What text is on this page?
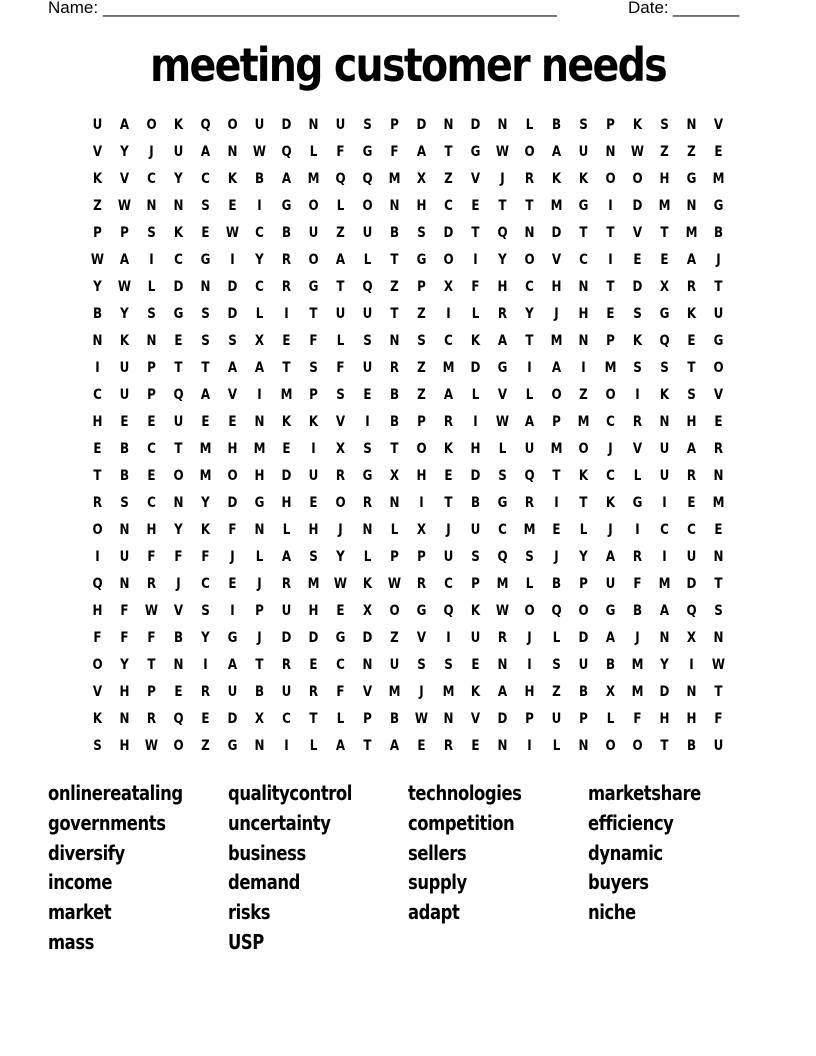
Name: ________________________________________________	Date: _______
meeting customer needs
U	A	O	K	Q	O	U	D	N	U	S	P	D	N	D	N	L	B	S	P	K	S	N	V
V	Y	J	U	A	N	W	Q	L	F	G	F	A	T	G	W	O	A	U	N	W	Z	Z	E
K	V	C	Y	C	K	B	A	M	Q	Q	M	X	Z	V	J	R	K	K	O	O	H	G	M
Z	W	N	N	S	E	I	G	O	L	O	N	H	C	E	T	T	M	G	I	D	M	N	G
P	P	S	K	E	W	C	B	U	Z	U	B	S	D	T	Q	N	D	T	T	V	T	M	B
W	A	I	C	G	I	Y	R	O	A	L	T	G	O	I	Y	O	V	C	I	E	E	A	J
Y	W	L	D	N	D	C	R	G	T	Q	Z	P	X	F	H	C	H	N	T	D	X	R	T
B	Y	S	G	S	D	L	I	T	U	U	T	Z	I	L	R	Y	J	H	E	S	G	K	U
N	K	N	E	S	S	X	E	F	L	S	N	S	C	K	A	T	M	N	P	K	Q	E	G
I	U	P	T	T	A	A	T	S	F	U	R	Z	M	D	G	I	A	I	M	S	S	T	O
C	U	P	Q	A	V	I	M	P	S	E	B	Z	A	L	V	L	O	Z	O	I	K	S	V
H	E	E	U	E	E	N	K	K	V	I	B	P	R	I	W	A	P	M	C	R	N	H	E
E	B	C	T	M	H	M	E	I	X	S	T	O	K	H	L	U	M	O	J	V	U	A	R
T	B	E	O	M	O	H	D	U	R	G	X	H	E	D	S	Q	T	K	C	L	U	R	N
R	S	C	N	Y	D	G	H	E	O	R	N	I	T	B	G	R	I	T	K	G	I	E	M
O	N	H	Y	K	F	N	L	H	J	N	L	X	J	U	C	M	E	L	J	I	C	C	E
I	U	F	F	F	J	L	A	S	Y	L	P	P	U	S	Q	S	J	Y	A	R	I	U	N
Q	N	R	J	C	E	J	R	M	W	K	W	R	C	P	M	L	B	P	U	F	M	D	T
H	F	W	V	S	I	P	U	H	E	X	O	G	Q	K	W	O	Q	O	G	B	A	Q	S
F	F	F	B	Y	G	J	D	D	G	D	Z	V	I	U	R	J	L	D	A	J	N	X	N
O	Y	T	N	I	A	T	R	E	C	N	U	S	S	E	N	I	S	U	B	M	Y	I	W
V	H	P	E	R	U	B	U	R	F	V	M	J	M	K	A	H	Z	B	X	M	D	N	T
K	N	R	Q	E	D	X	C	T	L	P	B	W	N	V	D	P	U	P	L	F	H	H	F
S	H	W	O	Z	G	N	I	L	A	T	A	E	R	E	N	I	L	N	O	O	T	B	U
onlinereataling
governments
diversify
income
market
mass
qualitycontrol
uncertainty
business
demand
risks
USP
technologies
competition
sellers
supply
adapt
marketshare
efficiency
dynamic
buyers
niche
